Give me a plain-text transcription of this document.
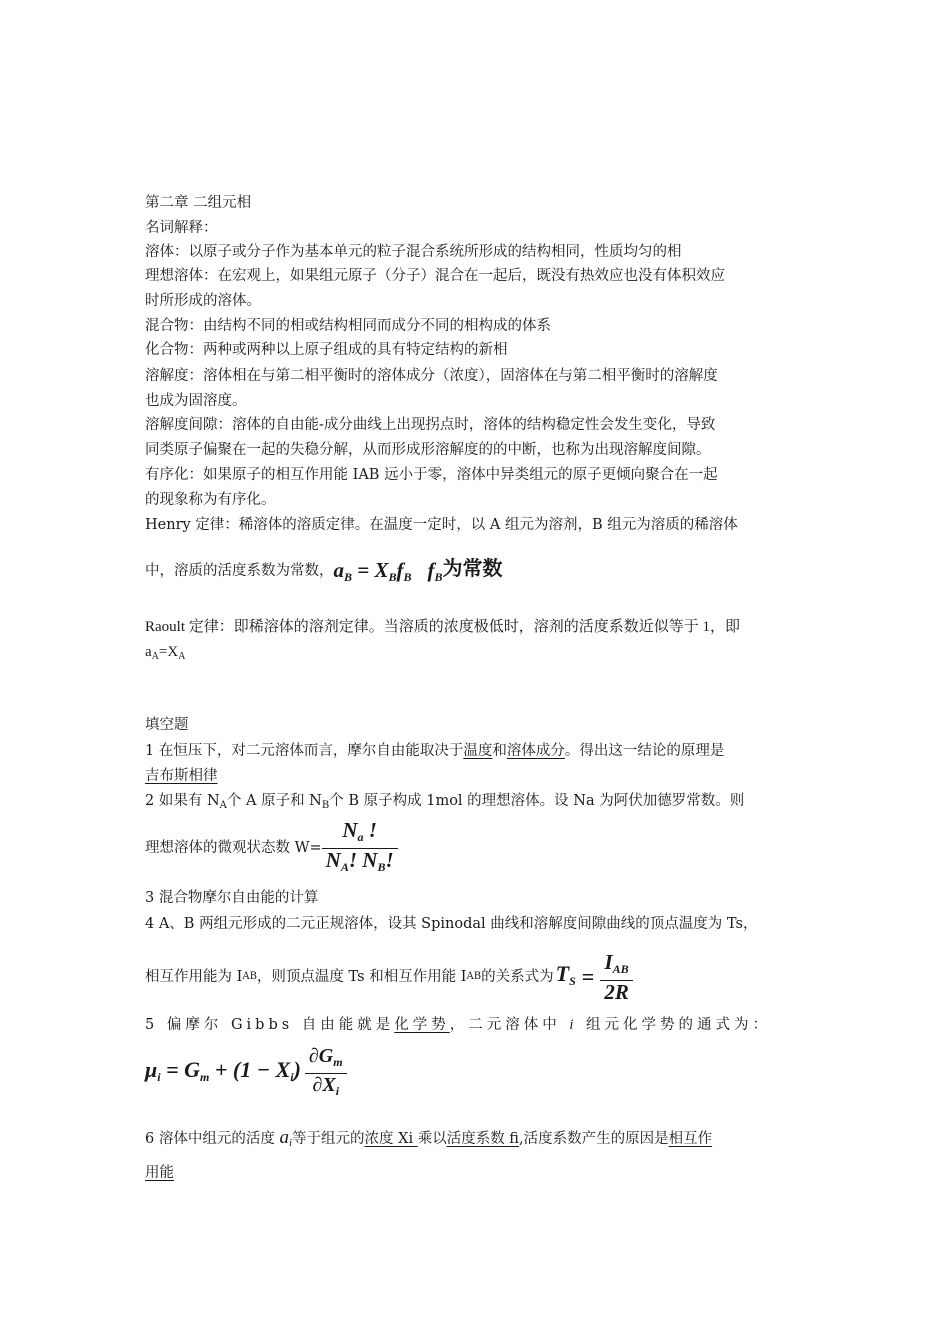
第二章 二组元相
名词解释：
溶体：以原子或分子作为基本单元的粒子混合系统所形成的结构相同，性质均匀的相
理想溶体：在宏观上，如果组元原子（分子）混合在一起后，既没有热效应也没有体积效应
时所形成的溶体。
混合物：由结构不同的相或结构相同而成分不同的相构成的体系
化合物：两种或两种以上原子组成的具有特定结构的新相
溶解度：溶体相在与第二相平衡时的溶体成分（浓度），固溶体在与第二相平衡时的溶解度
也成为固溶度。
溶解度间隙：溶体的自由能-成分曲线上出现拐点时，溶体的结构稳定性会发生变化，导致
同类原子偏聚在一起的失稳分解，从而形成形溶解度的的中断，也称为出现溶解度间隙。
有序化：如果原子的相互作用能 IAB 远小于零，溶体中异类组元的原子更倾向聚合在一起
的现象称为有序化。
Henry 定律：稀溶体的溶质定律。在温度一定时，以 A 组元为溶剂，B 组元为溶质的稀溶体
中，溶质的活度系数为常数，aB = XBfB fB为常数
Raoult 定律：即稀溶体的溶剂定律。当溶质的浓度极低时，溶剂的活度系数近似等于 1，即
$a_A=X_A$
填空题
1 在恒压下，对二元溶体而言，摩尔自由能取决于温度和溶体成分。得出这一结论的原理是
吉布斯相律
2 如果有 $N_A$个 A 原子和 $N_B$个 B 原子构成 1mol 的理想溶体。设 Na 为阿伏加德罗常数。则
理想溶体的微观状态数 $W= \frac{Na !}{NA! NB!}$
3 混合物摩尔自由能的计算
4 A、B 两组元形成的二元正规溶体，设其 Spinodal 曲线和溶解度间隙曲线的顶点温度为 Ts，
相互作用能为 I AB ，则顶点温度 Ts 和相互作用能 I AB 的关系式为 TS = $\frac{\text{IAB}}{2R}$
5 偏摩尔 Gibbs 自由能就是化学势，二元溶体中 i 组元化学势的通式为：
$\mu i = Gm + (1 - Xi) \frac{\partial G_m}{\partial X_i}$
6 溶体中组元的活度 ai等于组元的浓度 Xi 乘以活度系数 fi,活度系数产生的原因是相互作
用能
